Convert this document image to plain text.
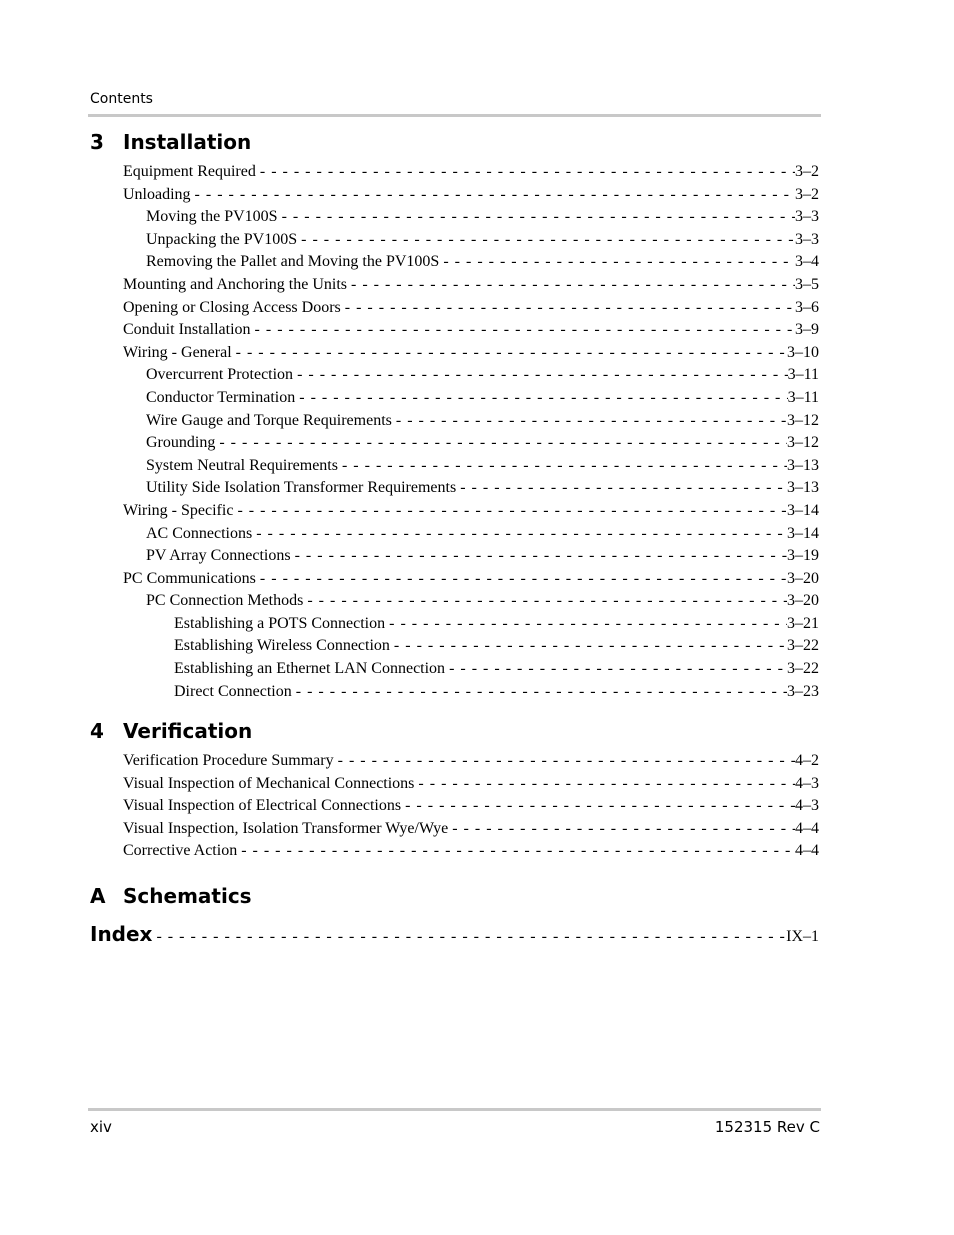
Contents
3 Installation
Equipment Required - - -	3–2
Unloading - - -	3–2
Moving the PV100S - - -	3–3
Unpacking the PV100S - - -	3–3
Removing the Pallet and Moving the PV100S - - -	3–4
Mounting and Anchoring the Units - - -	3–5
Opening or Closing Access Doors - - -	3–6
Conduit Installation - - -	3–9
Wiring - General - - -	3–10
Overcurrent Protection - - -	3–11
Conductor Termination - - -	3–11
Wire Gauge and Torque Requirements - - -	3–12
Grounding - - -	3–12
System Neutral Requirements - - -	3–13
Utility Side Isolation Transformer Requirements - - -	3–13
Wiring - Specific - - -	3–14
AC Connections - - -	3–14
PV Array Connections - - -	3–19
PC Communications - - -	3–20
PC Connection Methods - - -	3–20
Establishing a POTS Connection - - -	3–21
Establishing Wireless Connection - - -	3–22
Establishing an Ethernet LAN Connection - - -	3–22
Direct Connection - - -	3–23
4 Verification
Verification Procedure Summary - - -	4–2
Visual Inspection of Mechanical Connections - - -	4–3
Visual Inspection of Electrical Connections - - -	4–3
Visual Inspection, Isolation Transformer Wye/Wye - - -	4–4
Corrective Action - - -	4–4
A Schematics
Index - - -	IX–1
xiv	152315 Rev C
